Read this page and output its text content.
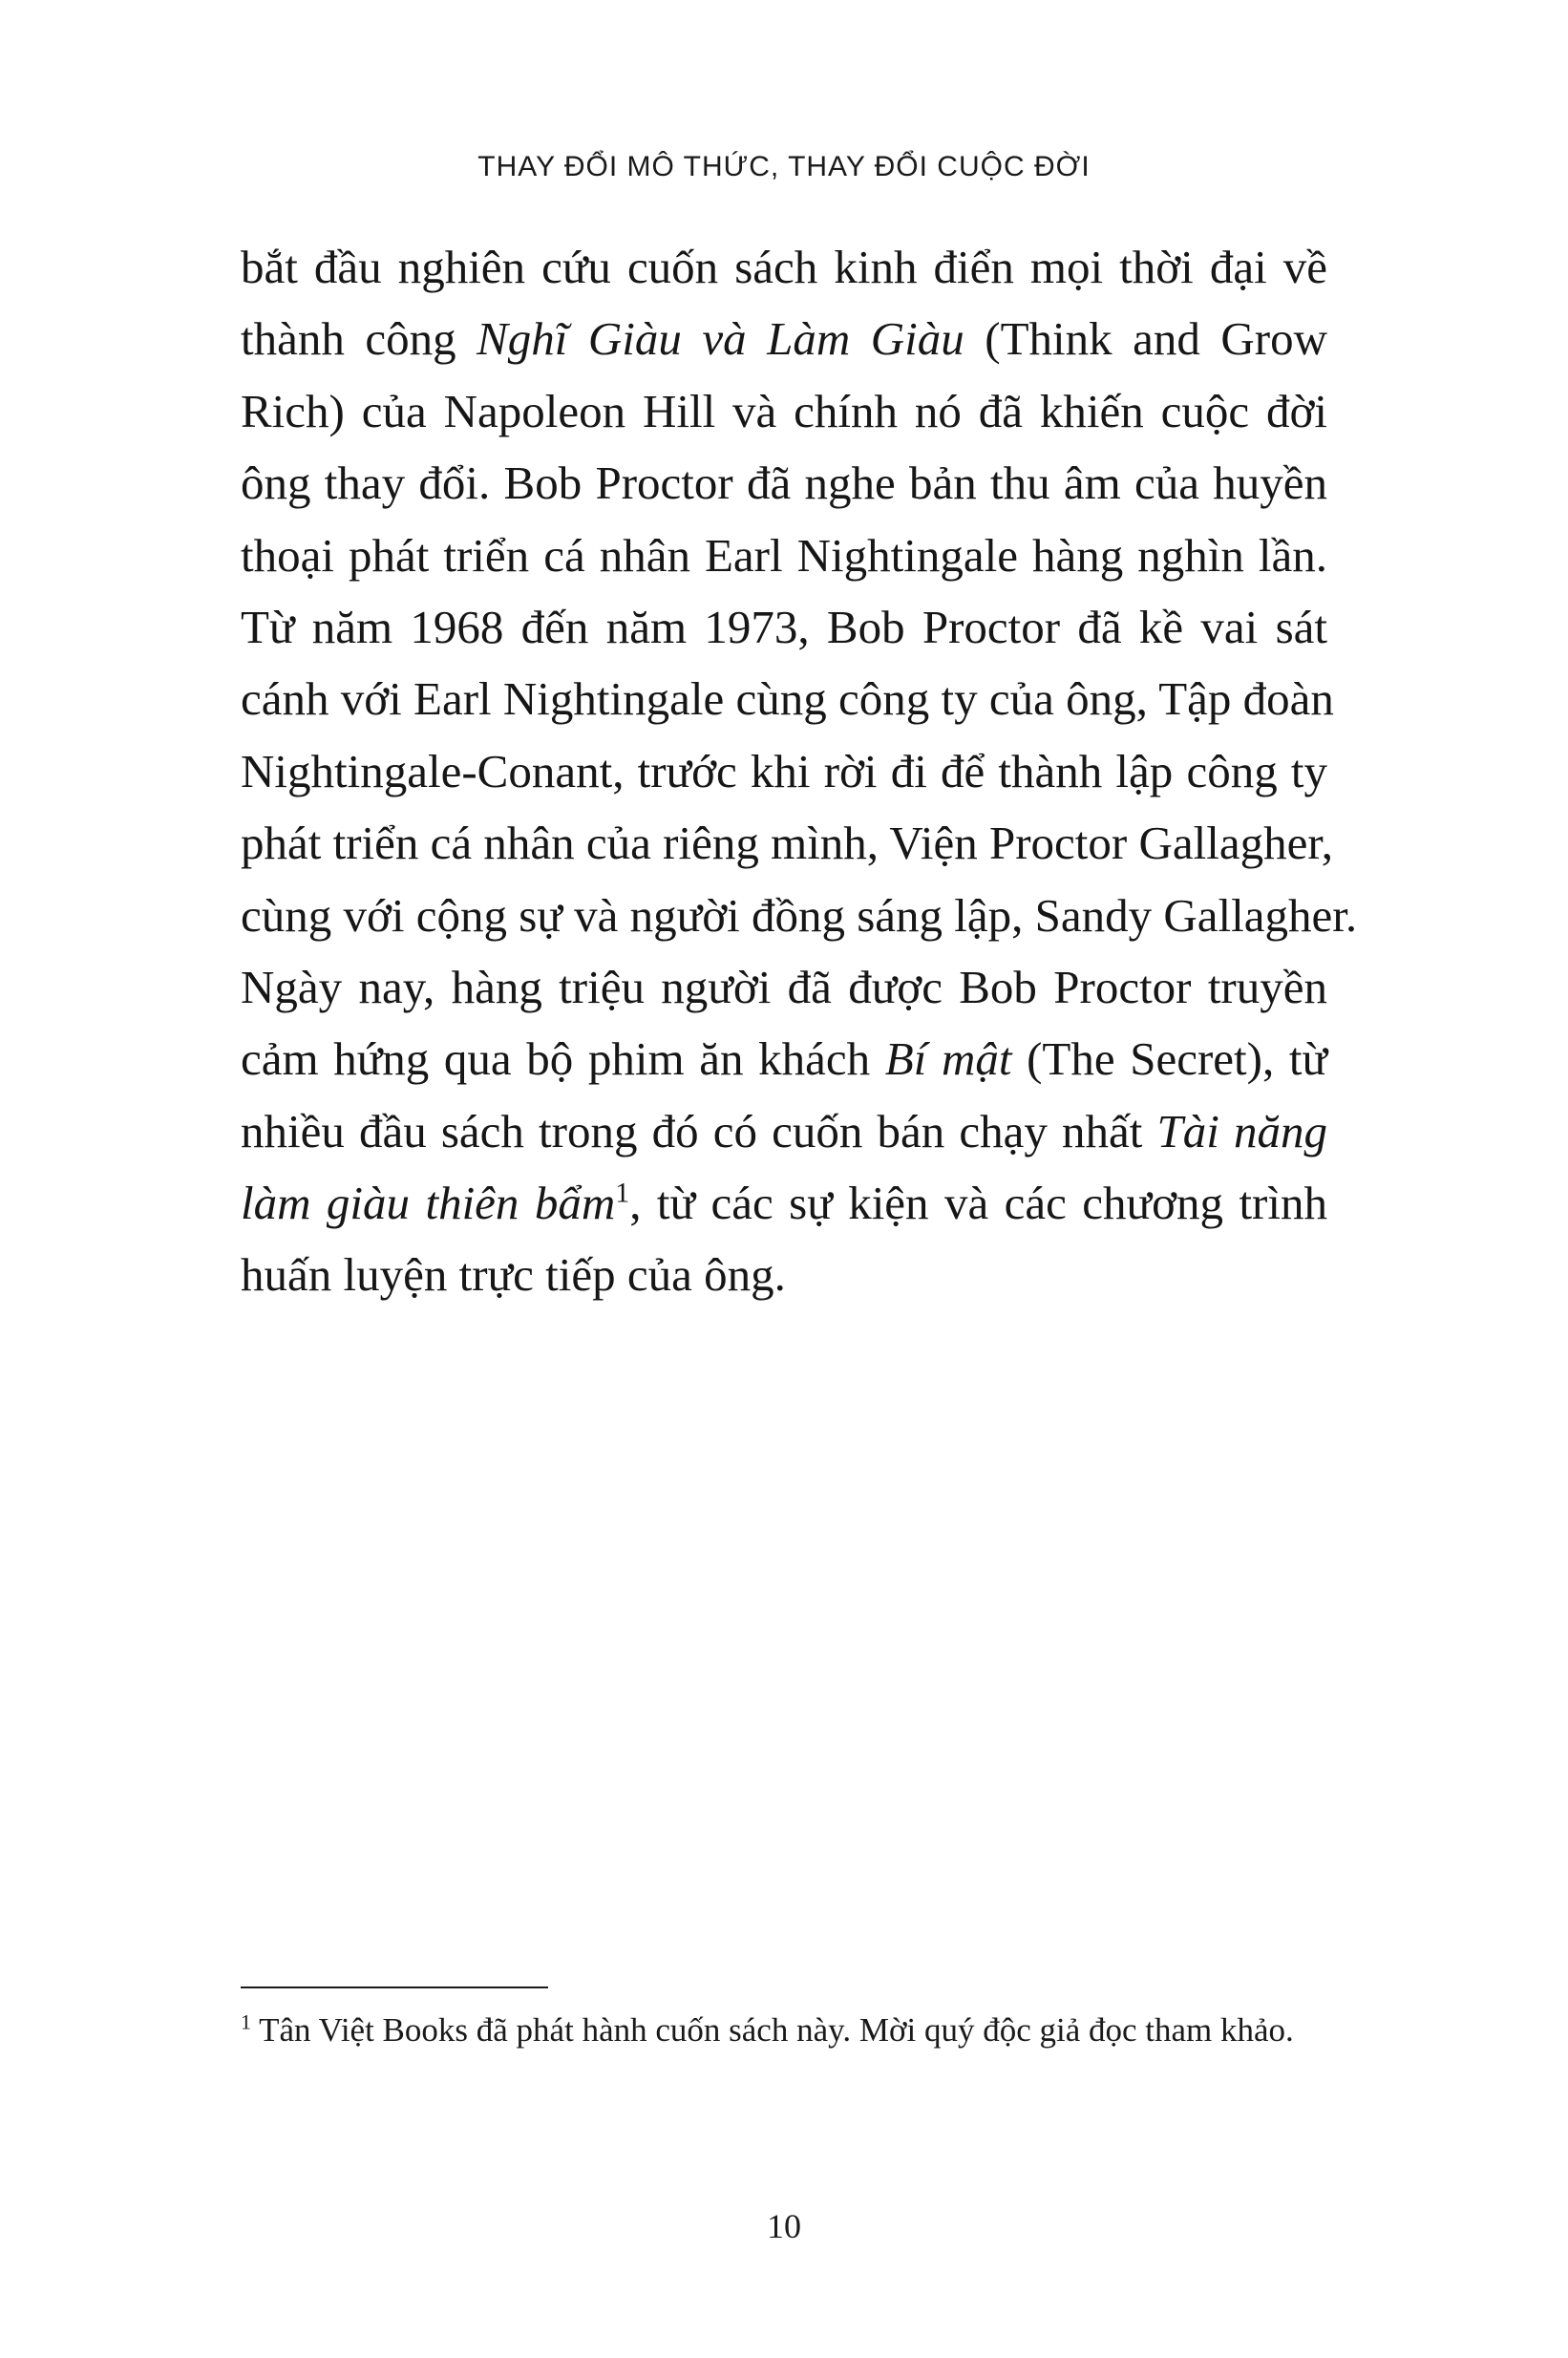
THAY ĐỔI MÔ THỨC, THAY ĐỔI CUỘC ĐỜI
bắt đầu nghiên cứu cuốn sách kinh điển mọi thời đại về
thành công Nghĩ Giàu và Làm Giàu (Think and Grow
Rich) của Napoleon Hill và chính nó đã khiến cuộc đời
ông thay đổi. Bob Proctor đã nghe bản thu âm của huyền
thoại phát triển cá nhân Earl Nightingale hàng nghìn lần.
Từ năm 1968 đến năm 1973, Bob Proctor đã kề vai sát
cánh với Earl Nightingale cùng công ty của ông, Tập đoàn
Nightingale-Conant, trước khi rời đi để thành lập công ty
phát triển cá nhân của riêng mình, Viện Proctor Gallagher,
cùng với cộng sự và người đồng sáng lập, Sandy Gallagher.
Ngày nay, hàng triệu người đã được Bob Proctor truyền
cảm hứng qua bộ phim ăn khách Bí mật (The Secret), từ
nhiều đầu sách trong đó có cuốn bán chạy nhất Tài năng
làm giàu thiên bẩm$^1$, từ các sự kiện và các chương trình
huấn luyện trực tiếp của ông.
$^1$ Tân Việt Books đã phát hành cuốn sách này. Mời quý độc giả đọc tham khảo.
10
